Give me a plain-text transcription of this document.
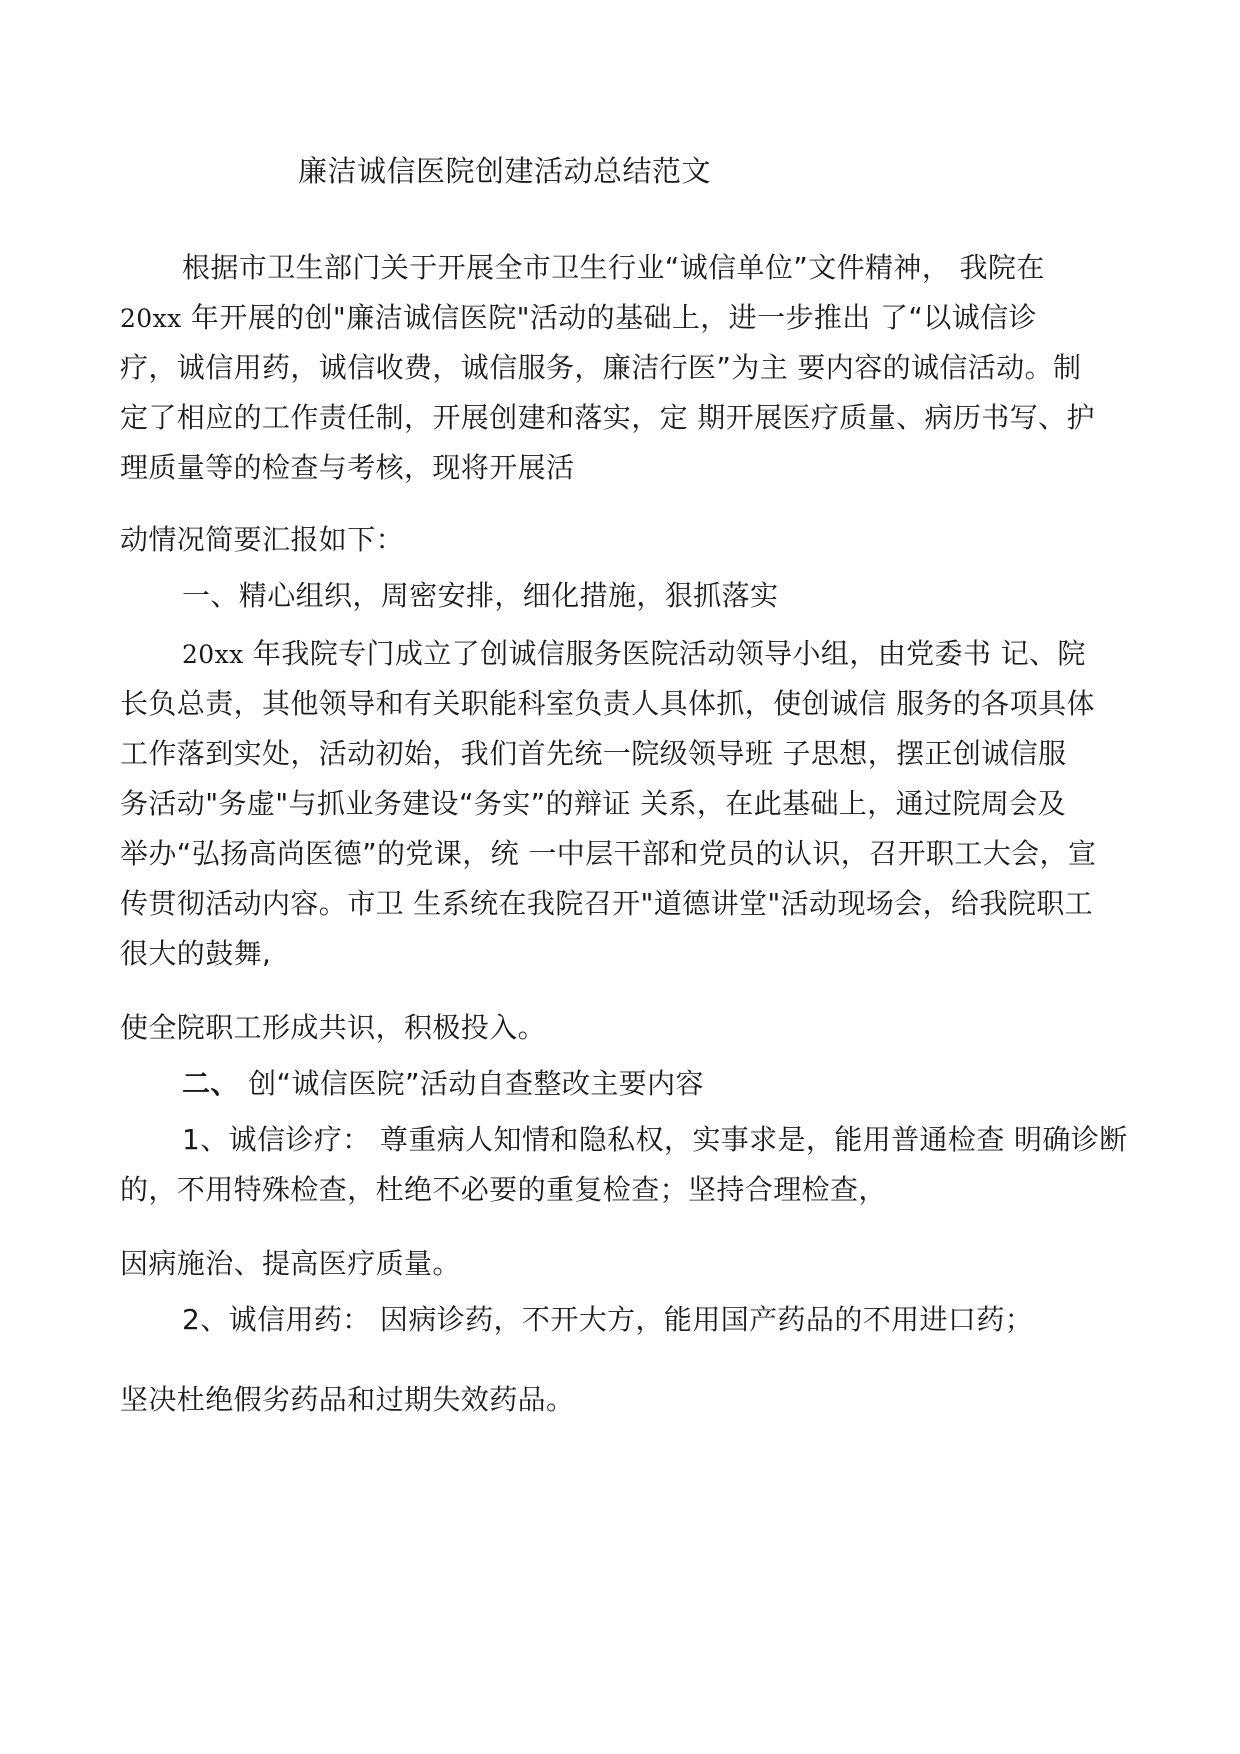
廉洁诚信医院创建活动总结范文
根据市卫生部门关于开展全市卫生行业“诚信单位”文件精神， 我院在
20xx 年开展的创"廉洁诚信医院"活动的基础上，进一步推出 了“以诚信诊
疗，诚信用药，诚信收费，诚信服务，廉洁行医”为主 要内容的诚信活动。制
定了相应的工作责任制，开展创建和落实，定 期开展医疗质量、病历书写、护
理质量等的检查与考核，现将开展活
动情况简要汇报如下：
一、精心组织，周密安排，细化措施，狠抓落实
20xx 年我院专门成立了创诚信服务医院活动领导小组，由党委书 记、院
长负总责，其他领导和有关职能科室负责人具体抓，使创诚信 服务的各项具体
工作落到实处，活动初始，我们首先统一院级领导班 子思想，摆正创诚信服
务活动"务虚"与抓业务建设“务实”的辩证 关系，在此基础上，通过院周会及
举办“弘扬高尚医德”的党课，统 一中层干部和党员的认识，召开职工大会，宣
传贯彻活动内容。市卫 生系统在我院召开"道德讲堂"活动现场会，给我院职工
很大的鼓舞,
使全院职工形成共识，积极投入。
二、 创“诚信医院”活动自查整改主要内容
1、诚信诊疗： 尊重病人知情和隐私权，实事求是，能用普通检查 明确诊断
的，不用特殊检查，杜绝不必要的重复检查；坚持合理检查，
因病施治、提高医疗质量。
2、诚信用药： 因病诊药，不开大方，能用国产药品的不用进口药；
坚决杜绝假劣药品和过期失效药品。
